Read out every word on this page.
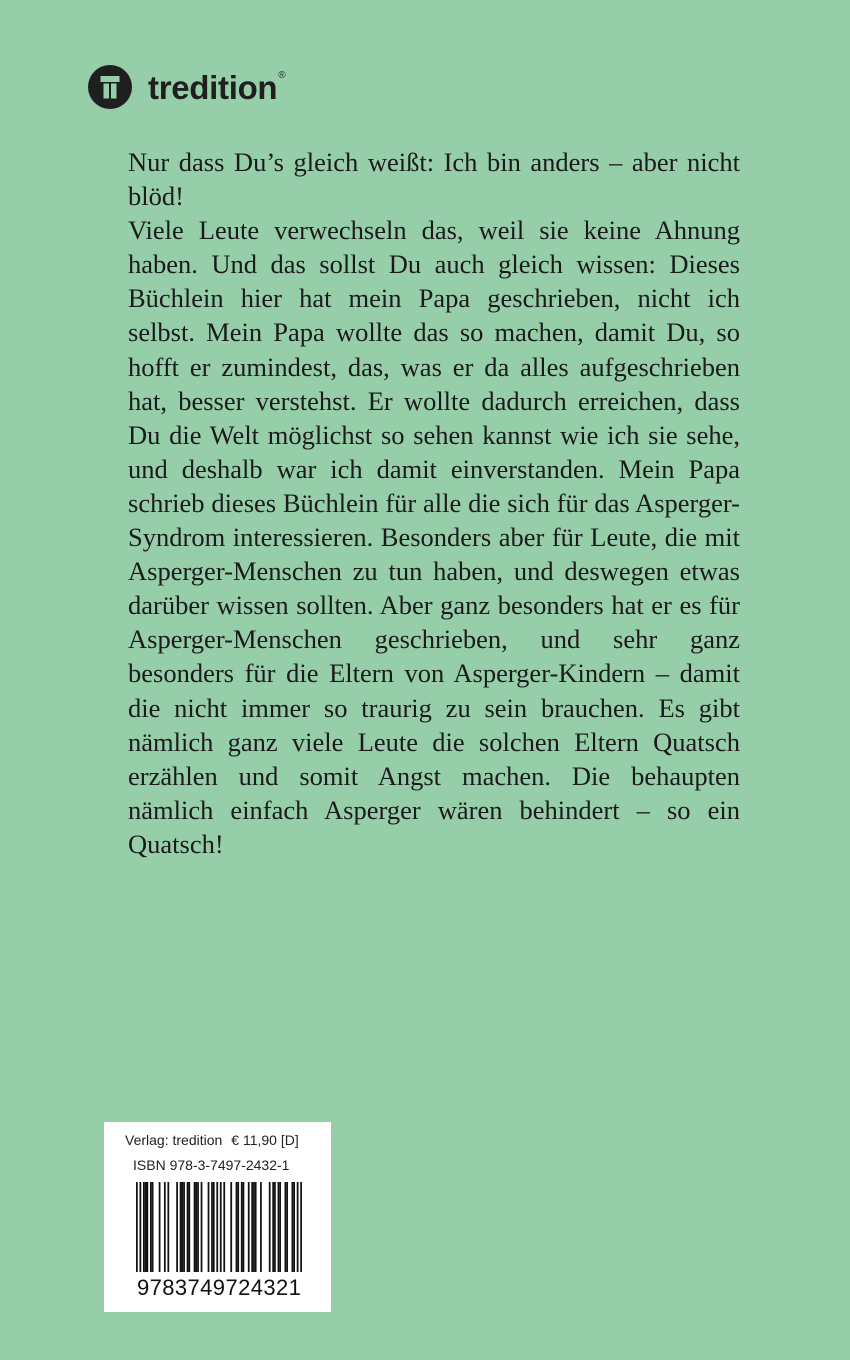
tredition ®

Nur dass Du’s gleich weißt: Ich bin anders – aber nicht blöd!

Viele Leute verwechseln das, weil sie keine Ahnung haben. Und das sollst Du auch gleich wissen: Dieses Büchlein hier hat mein Papa geschrieben, nicht ich selbst. Mein Papa wollte das so machen, damit Du, so hofft er zumindest, das, was er da alles aufgeschrieben hat, besser verstehst. Er wollte dadurch erreichen, dass Du die Welt möglichst so sehen kannst wie ich sie sehe, und deshalb war ich damit einverstanden. Mein Papa schrieb dieses Büchlein für alle die sich für das Asperger-Syndrom interessieren. Besonders aber für Leute, die mit Asperger-Menschen zu tun haben, und deswegen etwas darüber wissen sollten. Aber ganz besonders hat er es für Asperger-Menschen geschrieben, und sehr ganz besonders für die Eltern von Asperger-Kindern – damit die nicht immer so traurig zu sein brauchen. Es gibt nämlich ganz viele Leute die solchen Eltern Quatsch erzählen und somit Angst machen. Die behaupten nämlich einfach Asperger wären behindert – so ein Quatsch!

Verlag: tredition € 11,90 [D]
ISBN 978-3-7497-2432-1
9783749724321
